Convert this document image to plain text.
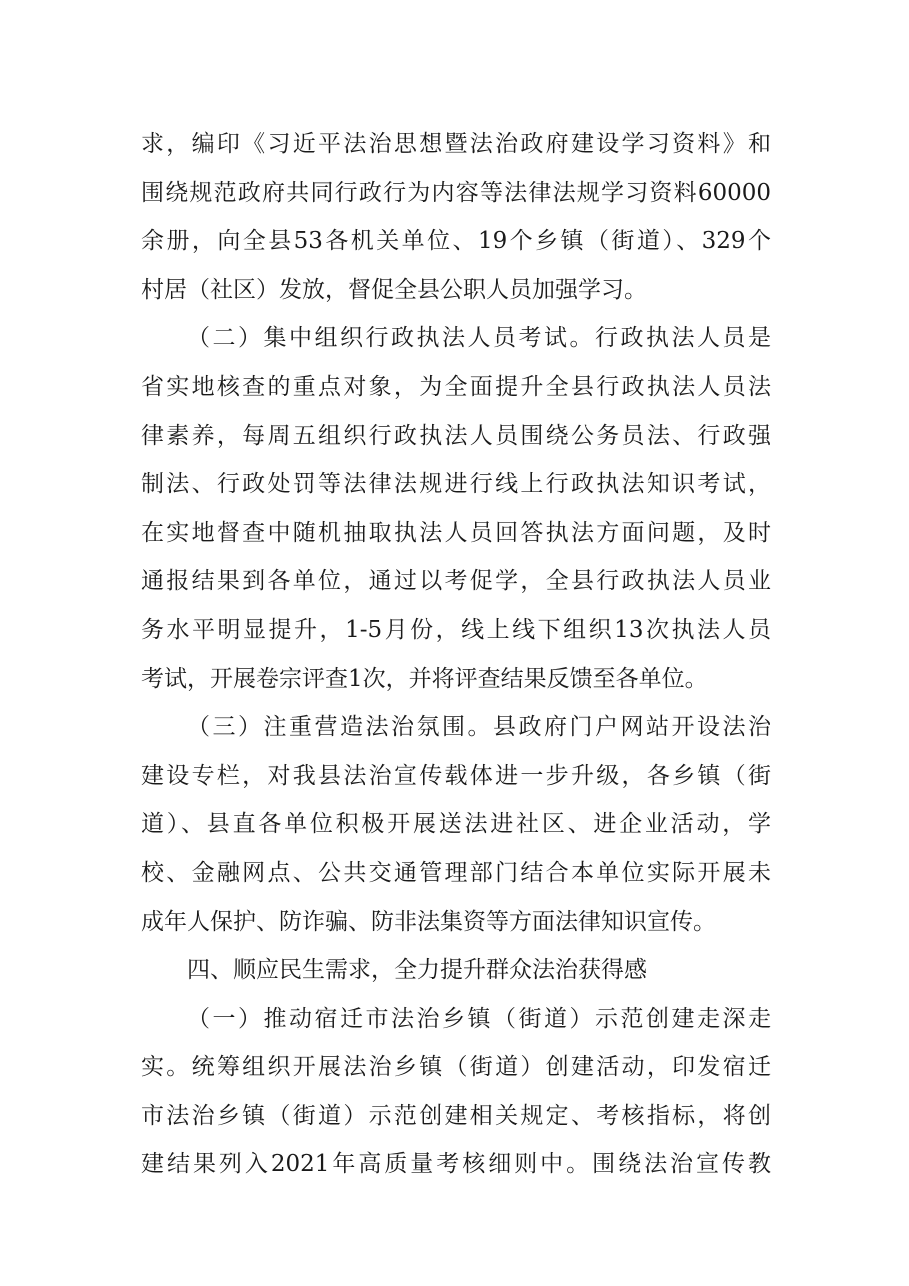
求，编印《习近平法治思想暨法治政府建设学习资料》和
围绕规范政府共同行政行为内容等法律法规学习资料60000
余册，向全县53各机关单位、19个乡镇（街道）、329个
村居（社区）发放，督促全县公职人员加强学习。
（二）集中组织行政执法人员考试。行政执法人员是
省实地核查的重点对象，为全面提升全县行政执法人员法
律素养，每周五组织行政执法人员围绕公务员法、行政强
制法、行政处罚等法律法规进行线上行政执法知识考试，
在实地督查中随机抽取执法人员回答执法方面问题，及时
通报结果到各单位，通过以考促学，全县行政执法人员业
务水平明显提升，1-5月份，线上线下组织13次执法人员
考试，开展卷宗评查1次，并将评查结果反馈至各单位。
（三）注重营造法治氛围。县政府门户网站开设法治
建设专栏，对我县法治宣传载体进一步升级，各乡镇（街
道）、县直各单位积极开展送法进社区、进企业活动，学
校、金融网点、公共交通管理部门结合本单位实际开展未
成年人保护、防诈骗、防非法集资等方面法律知识宣传。
四、顺应民生需求，全力提升群众法治获得感
（一）推动宿迁市法治乡镇（街道）示范创建走深走
实。统筹组织开展法治乡镇（街道）创建活动，印发宿迁
市法治乡镇（街道）示范创建相关规定、考核指标，将创
建结果列入2021年高质量考核细则中。围绕法治宣传教
